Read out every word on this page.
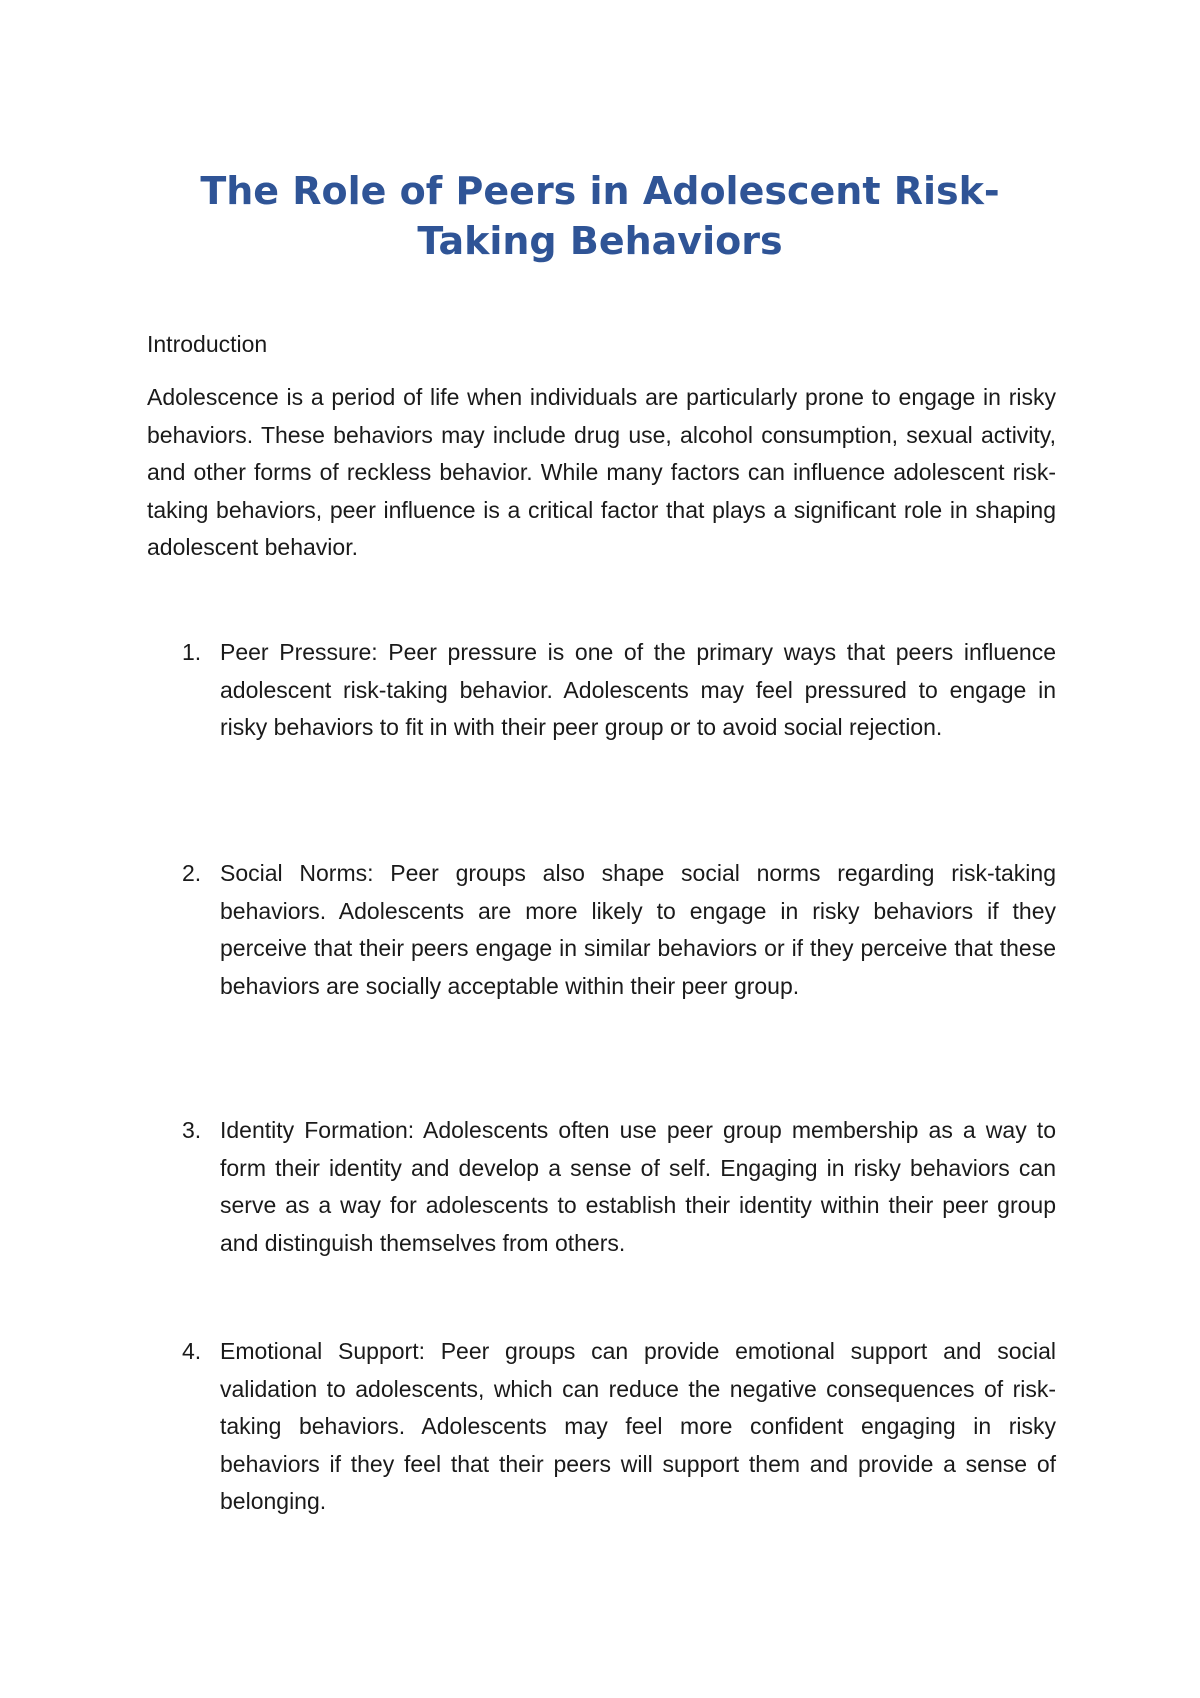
The Role of Peers in Adolescent Risk-Taking Behaviors

Introduction

Adolescence is a period of life when individuals are particularly prone to engage in risky behaviors. These behaviors may include drug use, alcohol consumption, sexual activity, and other forms of reckless behavior. While many factors can influence adolescent risk-taking behaviors, peer influence is a critical factor that plays a significant role in shaping adolescent behavior.

1. Peer Pressure: Peer pressure is one of the primary ways that peers influence adolescent risk-taking behavior. Adolescents may feel pressured to engage in risky behaviors to fit in with their peer group or to avoid social rejection.

2. Social Norms: Peer groups also shape social norms regarding risk-taking behaviors. Adolescents are more likely to engage in risky behaviors if they perceive that their peers engage in similar behaviors or if they perceive that these behaviors are socially acceptable within their peer group.

3. Identity Formation: Adolescents often use peer group membership as a way to form their identity and develop a sense of self. Engaging in risky behaviors can serve as a way for adolescents to establish their identity within their peer group and distinguish themselves from others.

4. Emotional Support: Peer groups can provide emotional support and social validation to adolescents, which can reduce the negative consequences of risk-taking behaviors. Adolescents may feel more confident engaging in risky behaviors if they feel that their peers will support them and provide a sense of belonging.
